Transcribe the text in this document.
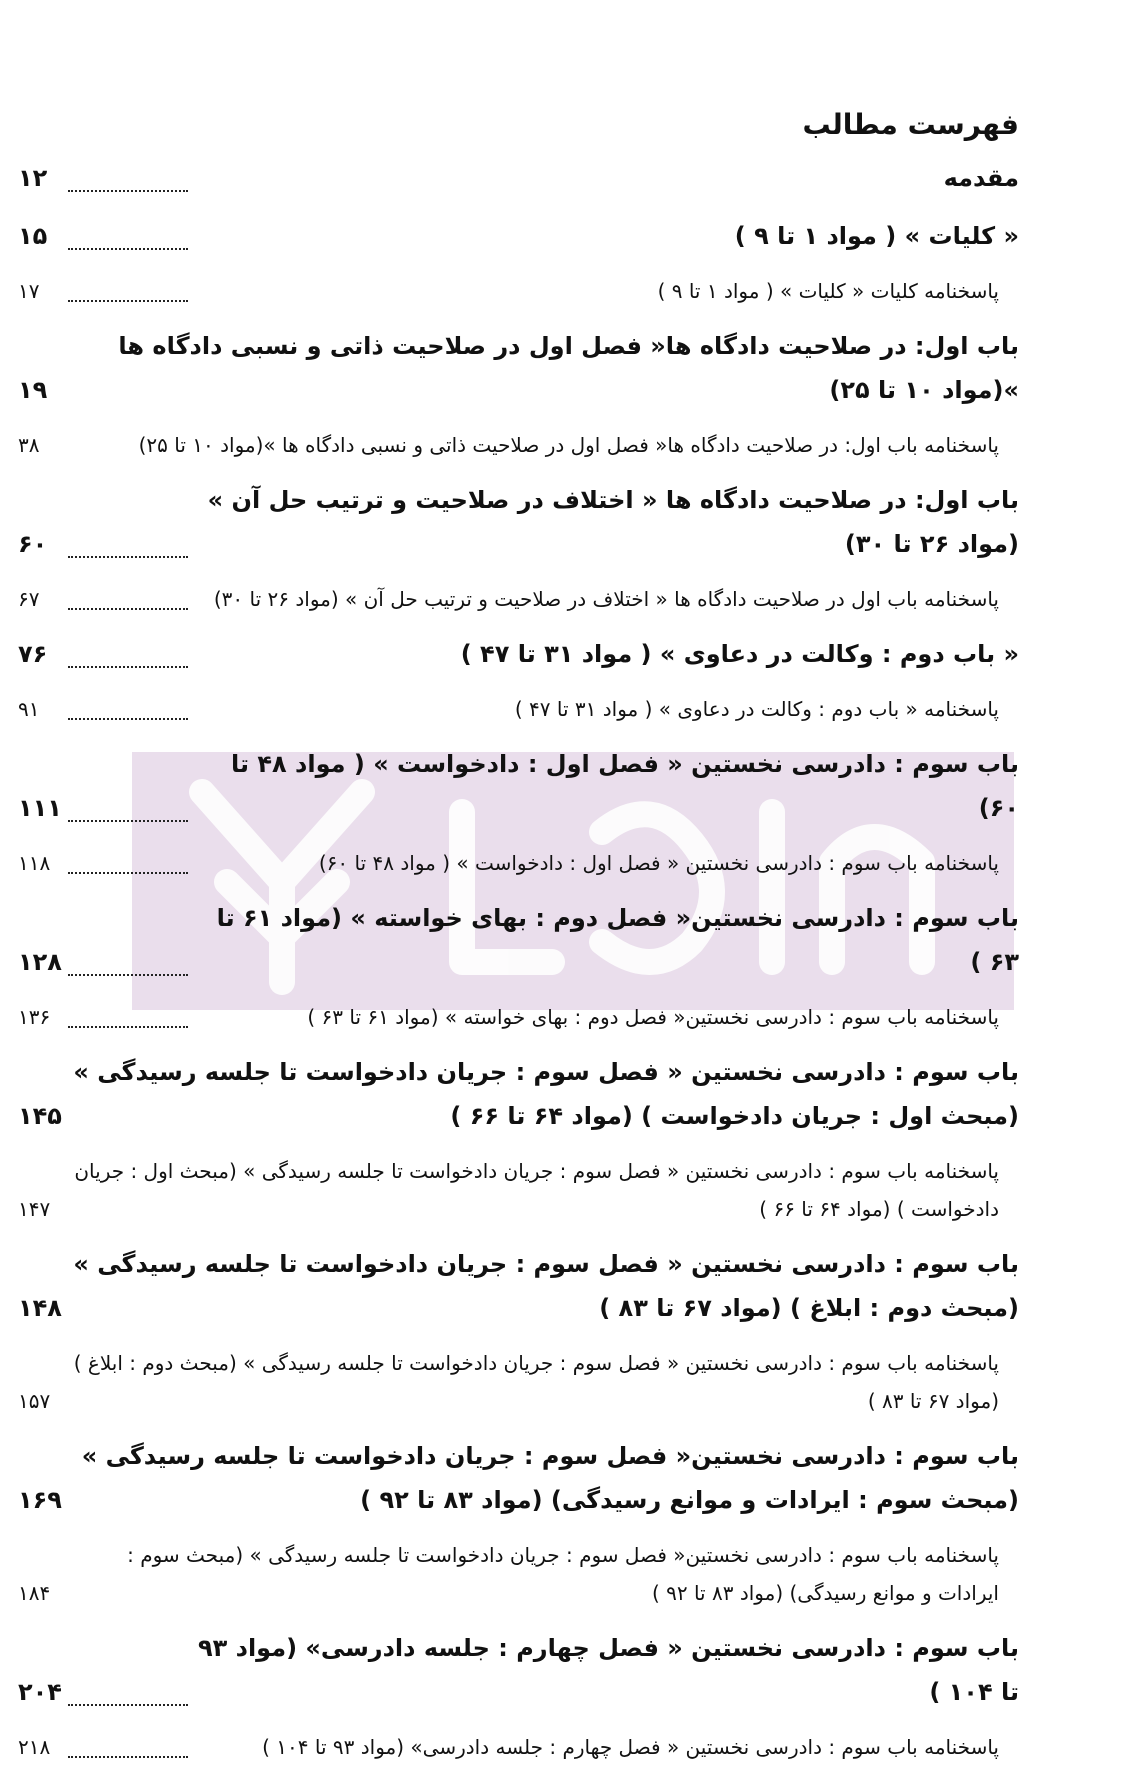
فهرست مطالب
مقدمه
۱۲
« کلیات » ( مواد ۱ تا ۹ )
۱۵
پاسخنامه کلیات « کلیات » ( مواد ۱ تا ۹ )
۱۷
باب اول: در صلاحیت دادگاه ها« فصل اول در صلاحیت ذاتی و نسبی دادگاه ها »(مواد ۱۰ تا ۲۵)
۱۹
پاسخنامه باب اول: در صلاحیت دادگاه ها« فصل اول در صلاحیت ذاتی و نسبی دادگاه ها »(مواد ۱۰ تا ۲۵)
۳۸
باب اول: در صلاحیت دادگاه ها « اختلاف در صلاحیت و ترتیب حل آن » (مواد ۲۶ تا ۳۰)
۶۰
پاسخنامه باب اول در صلاحیت دادگاه ها « اختلاف در صلاحیت و ترتیب حل آن » (مواد ۲۶ تا ۳۰)
۶۷
« باب دوم : وکالت در دعاوی » ( مواد ۳۱ تا ۴۷ )
۷۶
پاسخنامه « باب دوم : وکالت در دعاوی » ( مواد ۳۱ تا ۴۷ )
۹۱
باب سوم : دادرسی نخستین « فصل اول : دادخواست » ( مواد ۴۸ تا ۶۰)
۱۱۱
پاسخنامه باب سوم : دادرسی نخستین « فصل اول : دادخواست » ( مواد ۴۸ تا ۶۰)
۱۱۸
باب سوم : دادرسی نخستین« فصل دوم : بهای خواسته » (مواد ۶۱ تا ۶۳ )
۱۲۸
پاسخنامه باب سوم : دادرسی نخستین« فصل دوم : بهای خواسته » (مواد ۶۱ تا ۶۳ )
۱۳۶
باب سوم : دادرسی نخستین « فصل سوم : جریان دادخواست تا جلسه رسیدگی » (مبحث اول : جریان دادخواست ) (مواد ۶۴ تا ۶۶ )
۱۴۵
پاسخنامه باب سوم : دادرسی نخستین « فصل سوم : جریان دادخواست تا جلسه رسیدگی » (مبحث اول : جریان دادخواست ) (مواد ۶۴ تا ۶۶ )
۱۴۷
باب سوم : دادرسی نخستین « فصل سوم : جریان دادخواست تا جلسه رسیدگی » (مبحث دوم : ابلاغ ) (مواد ۶۷ تا ۸۳ )
۱۴۸
پاسخنامه باب سوم : دادرسی نخستین « فصل سوم : جریان دادخواست تا جلسه رسیدگی » (مبحث دوم : ابلاغ ) (مواد ۶۷ تا ۸۳ )
۱۵۷
باب سوم : دادرسی نخستین« فصل سوم : جریان دادخواست تا جلسه رسیدگی » (مبحث سوم : ایرادات و موانع رسیدگی) (مواد ۸۳ تا ۹۲ )
۱۶۹
پاسخنامه باب سوم : دادرسی نخستین« فصل سوم : جریان دادخواست تا جلسه رسیدگی » (مبحث سوم : ایرادات و موانع رسیدگی) (مواد ۸۳ تا ۹۲ )
۱۸۴
باب سوم : دادرسی نخستین « فصل چهارم : جلسه دادرسی» (مواد ۹۳ تا ۱۰۴ )
۲۰۴
پاسخنامه باب سوم : دادرسی نخستین « فصل چهارم : جلسه دادرسی» (مواد ۹۳ تا ۱۰۴ )
۲۱۸
